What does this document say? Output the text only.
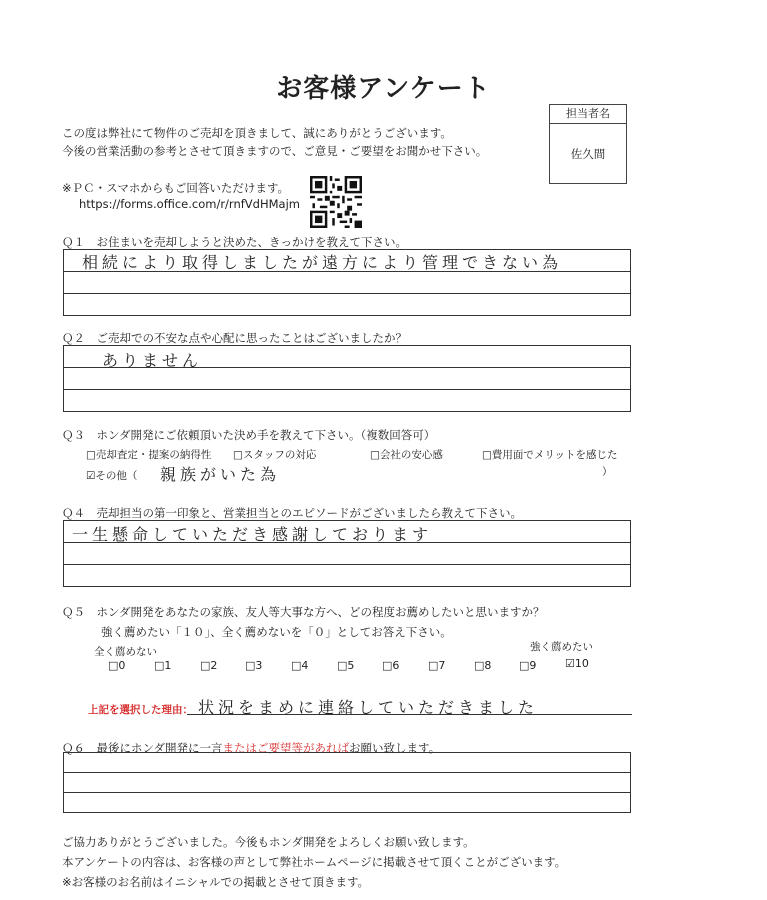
お客様アンケート
この度は弊社にて物件のご売却を頂きまして、誠にありがとうございます。
今後の営業活動の参考とさせて頂きますので、ご意見・ご要望をお聞かせ下さい。
担当者名
佐久間
※ＰＣ・スマホからもご回答いただけます。
https://forms.office.com/r/rnfVdHMajm
Ｑ１　お住まいを売却しようと決めた、きっかけを教えて下さい。
相続により取得しましたが遠方により管理できない為
Ｑ２　ご売却での不安な点や心配に思ったことはございましたか？
ありません
Ｑ３　ホンダ開発にご依頼頂いた決め手を教えて下さい。（複数回答可）
□売却査定・提案の納得性 □スタッフの対応	□会社の安心感	□費用面でメリットを感じた
☑その他（ 親族がいた為	）
Ｑ４　売却担当の第一印象と、営業担当とのエピソードがございましたら教えて下さい。
一生懸命していただき感謝しております
Ｑ５　ホンダ開発をあなたの家族、友人等大事な方へ、どの程度お薦めしたいと思いますか？
強く薦めたい「１０」、全く薦めないを「０」としてお答え下さい。
全く薦めない	強く薦めたい
□0	□1	□2	□3	□4	□5	□6	□7	□8	□9	☑10
上記を選択した理由： 状況をまめに連絡していただきました
Ｑ６　最後にホンダ開発に一言またはご要望等があればお願い致します。
ご協力ありがとうございました。今後もホンダ開発をよろしくお願い致します。
本アンケートの内容は、お客様の声として弊社ホームページに掲載させて頂くことがございます。
※お客様のお名前はイニシャルでの掲載とさせて頂きます。
